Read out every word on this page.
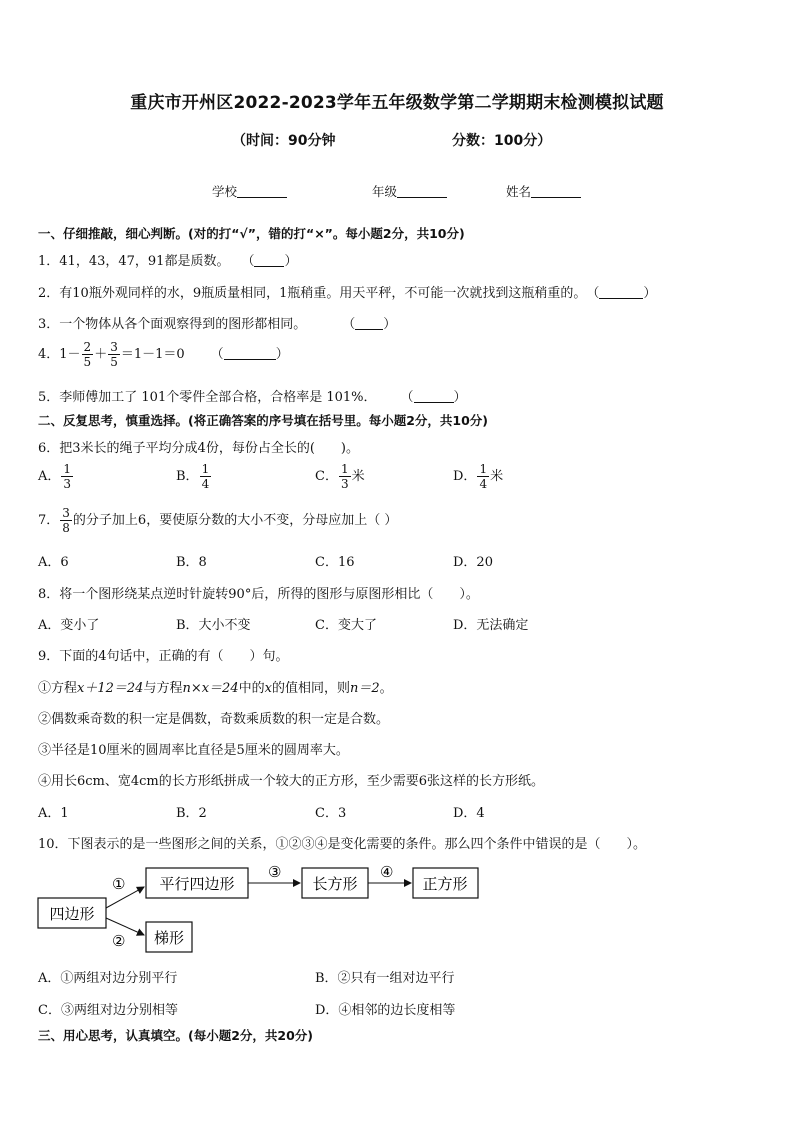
重庆市开州区2022-2023学年五年级数学第二学期期末检测模拟试题
（时间：90分钟	分数：100分）
学校	年级	姓名
一、仔细推敲，细心判断。(对的打“√”，错的打“×”。每小题2分，共10分)
1．41，43，47，91都是质数。 （ ）
2．有10瓶外观同样的水，9瓶质量相同，1瓶稍重。用天平秤，不可能一次就找到这瓶稍重的。（	）
3．一个物体从各个面观察得到的图形都相同。	（ ）
4．$1- \frac{2}{5} + \frac{3}{5} =1-1=0$ （	）
5．李师傅加工了 101个零件全部合格，合格率是 101%． （	）
二、反复思考，慎重选择。(将正确答案的序号填在括号里。每小题2分，共10分)
6．把3米长的绳子平均分成4份，每份占全长的(　　)。
A． $\frac{1}{3}$	B． $\frac{1}{4}$	C． $\frac{1}{3}$ 米	D． $\frac{1}{4}$ 米
7． $\frac{3}{8}$ 的分子加上6，要使原分数的大小不变，分母应加上（ ）
A．6	B．8	C．16	D．20
8．将一个图形绕某点逆时针旋转90°后，所得的图形与原图形相比（　　）。
A．变小了	B．大小不变	C．变大了	D．无法确定
9．下面的4句话中，正确的有（　　）句。
①方程x＋12＝24与方程n×x＝24中的x的值相同，则n＝2。
②偶数乘奇数的积一定是偶数，奇数乘质数的积一定是合数。
③半径是10厘米的圆周率比直径是5厘米的圆周率大。
④用长6cm、宽4cm的长方形纸拼成一个较大的正方形，至少需要6张这样的长方形纸。
A．1	B．2	C．3	D．4
10．下图表示的是一些图形之间的关系，①②③④是变化需要的条件。那么四个条件中错误的是（　　）。
四边形
平行四边形	长方形	正方形
梯形
①
②
③	④
A．①两组对边分别平行	B．②只有一组对边平行
C．③两组对边分别相等	D．④相邻的边长度相等
三、用心思考，认真填空。(每小题2分，共20分)
